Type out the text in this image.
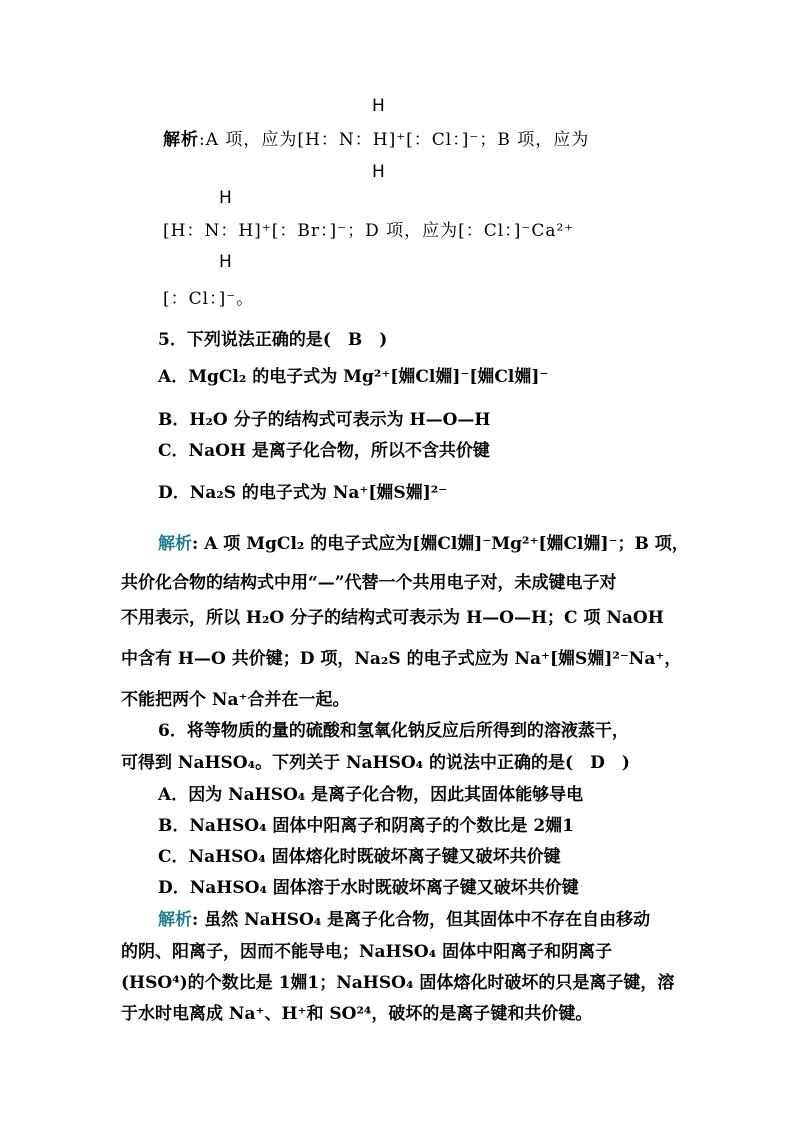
H
解析:A 项，应为[H：N：H]⁺[：Cl：]⁻；B 项，应为
H
H
[H：N：H]⁺[：Br：]⁻；D 项，应为[：Cl：]⁻Ca²⁺
H
[：Cl：]⁻。
5．下列说法正确的是(　B　)
A．MgCl₂ 的电子式为 Mg²⁺[婣Cl婣]⁻[婣Cl婣]⁻
B．H₂O 分子的结构式可表示为 H—O—H
C．NaOH 是离子化合物，所以不含共价键
D．Na₂S 的电子式为 Na⁺[婣S婣]²⁻
解析: A 项 MgCl₂ 的电子式应为[婣Cl婣]⁻Mg²⁺[婣Cl婣]⁻；B 项，
共价化合物的结构式中用“—”代替一个共用电子对，未成键电子对
不用表示，所以 H₂O 分子的结构式可表示为 H—O—H；C 项 NaOH
中含有 H—O 共价键；D 项，Na₂S 的电子式应为 Na⁺[婣S婣]²⁻Na⁺，
不能把两个 Na⁺合并在一起。
6．将等物质的量的硫酸和氢氧化钠反应后所得到的溶液蒸干，
可得到 NaHSO₄。下列关于 NaHSO₄ 的说法中正确的是(　D　)
A．因为 NaHSO₄ 是离子化合物，因此其固体能够导电
B．NaHSO₄ 固体中阳离子和阴离子的个数比是 2婣1
C．NaHSO₄ 固体熔化时既破坏离子键又破坏共价键
D．NaHSO₄ 固体溶于水时既破坏离子键又破坏共价键
解析: 虽然 NaHSO₄ 是离子化合物，但其固体中不存在自由移动
的阴、阳离子，因而不能导电；NaHSO₄ 固体中阳离子和阴离子
(HSO⁴)的个数比是 1婣1；NaHSO₄ 固体熔化时破坏的只是离子键，溶
于水时电离成 Na⁺、H⁺和 SO²⁴，破坏的是离子键和共价键。
